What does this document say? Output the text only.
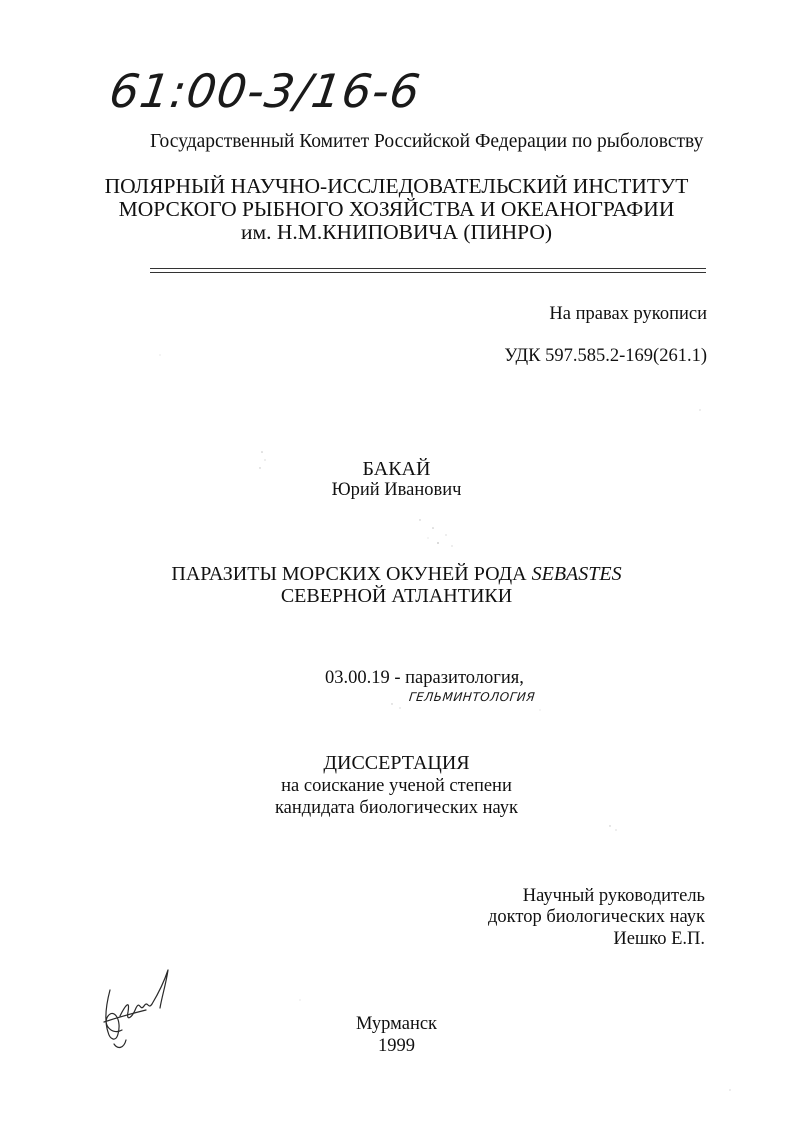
61:00-3/16-6

Государственный Комитет Российской Федерации по рыболовству

ПОЛЯРНЫЙ НАУЧНО-ИССЛЕДОВАТЕЛЬСКИЙ ИНСТИТУТ

МОРСКОГО РЫБНОГО ХОЗЯЙСТВА И ОКЕАНОГРАФИИ

им. Н.М.КНИПОВИЧА (ПИНРО)

На правах рукописи

УДК 597.585.2-169(261.1)

БАКАЙ

Юрий Иванович

ПАРАЗИТЫ МОРСКИХ ОКУНЕЙ РОДА SEBASTES

СЕВЕРНОЙ АТЛАНТИКИ

03.00.19 - паразитология,

ГЕЛЬМИНТОЛОГИЯ

ДИССЕРТАЦИЯ

на соискание ученой степени

кандидата биологических наук

Научный руководитель

доктор биологических наук

Иешко Е.П.

Мурманск

1999
